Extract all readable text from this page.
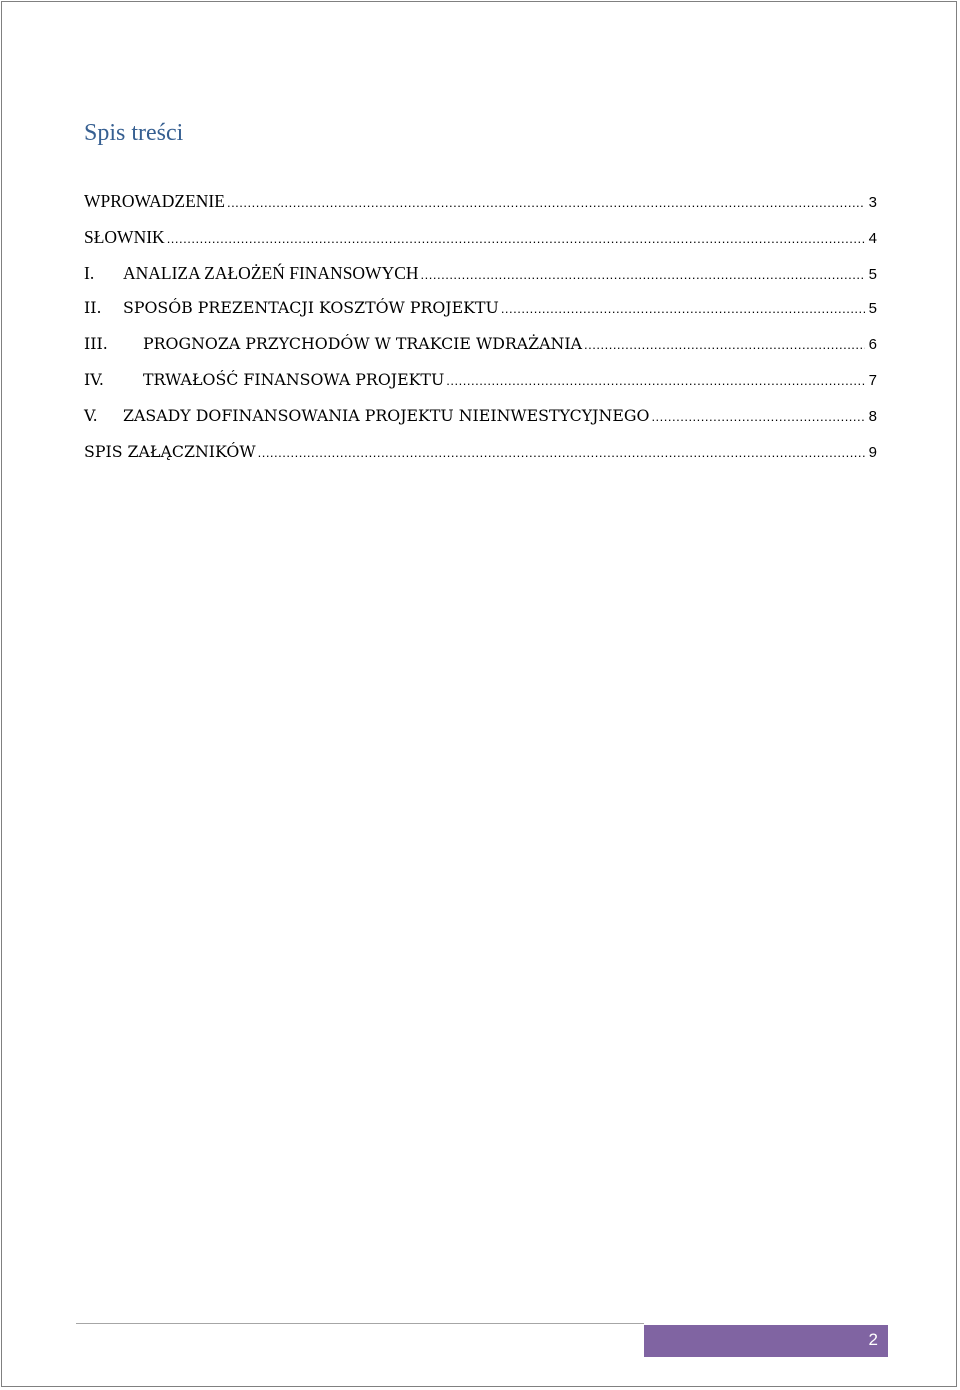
Spis treści
WPROWADZENIE .....	3
SŁOWNIK .....	4
I.	ANALIZA ZAŁOŻEŃ FINANSOWYCH .....	5
II.	SPOSÓB PREZENTACJI KOSZTÓW PROJEKTU .....	5
III.	PROGNOZA PRZYCHODÓW W TRAKCIE WDRAŻANIA .....	6
IV.	TRWAŁOŚĆ FINANSOWA PROJEKTU .....	7
V.	ZASADY DOFINANSOWANIA PROJEKTU NIEINWESTYCYJNEGO .....	8
SPIS ZAŁĄCZNIKÓW .....	9
2
